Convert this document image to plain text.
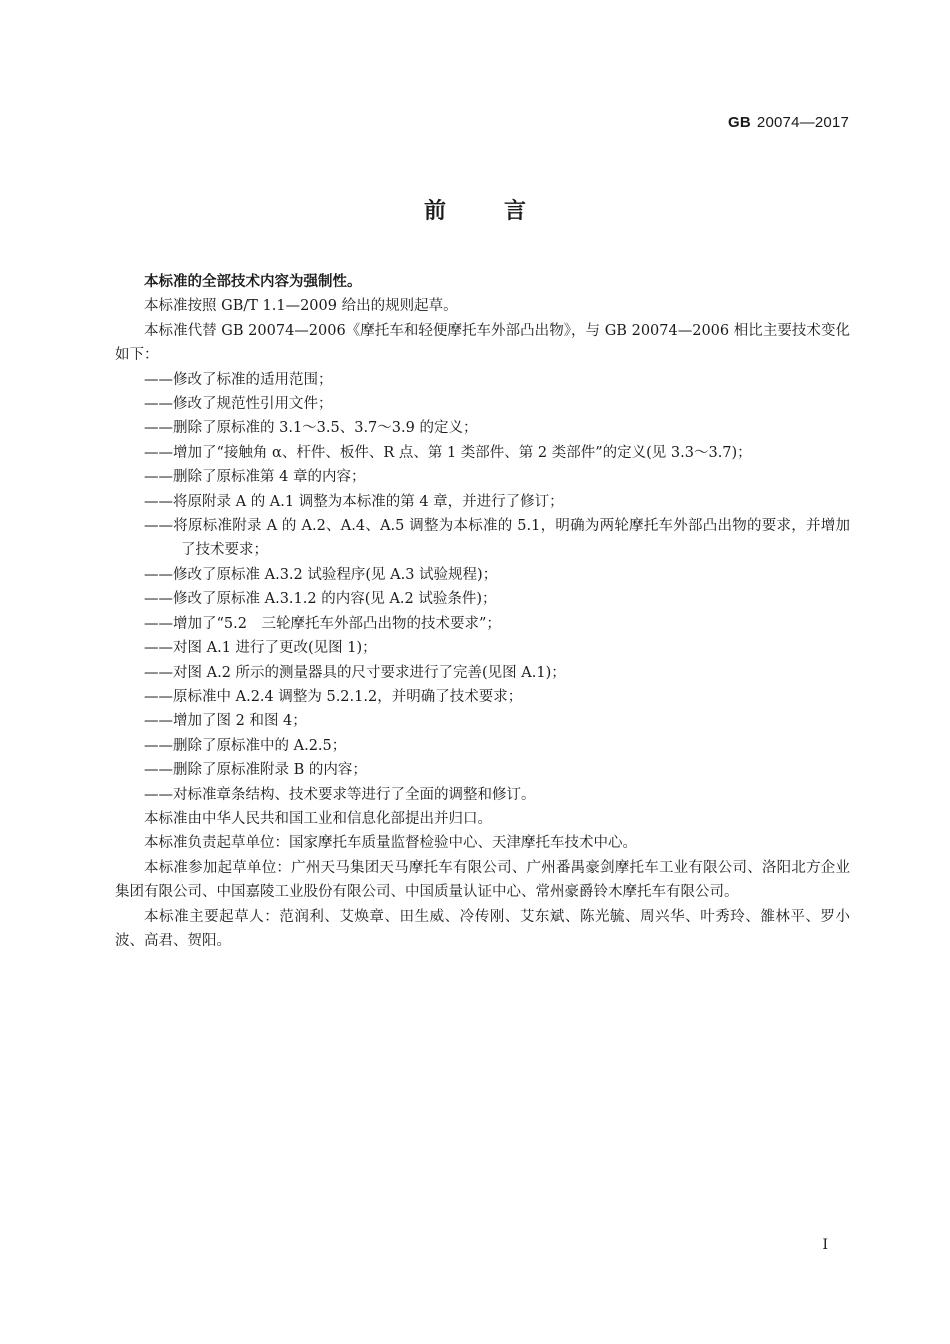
GB 20074—2017
前言

本标准的全部技术内容为强制性。

本标准按照 GB/T 1.1—2009 给出的规则起草。

本标准代替 GB 20074—2006《摩托车和轻便摩托车外部凸出物》，与 GB 20074—2006 相比主要技术变化如下：

——修改了标准的适用范围；

——修改了规范性引用文件；

——删除了原标准的 3.1～3.5、3.7～3.9 的定义；

——增加了“接触角 α、杆件、板件、R 点、第 1 类部件、第 2 类部件”的定义(见 3.3～3.7)；

——删除了原标准第 4 章的内容；

——将原附录 A 的 A.1 调整为本标准的第 4 章，并进行了修订；

——将原标准附录 A 的 A.2、A.4、A.5 调整为本标准的 5.1，明确为两轮摩托车外部凸出物的要求，并增加了技术要求；

——修改了原标准 A.3.2 试验程序(见 A.3 试验规程)；

——修改了原标准 A.3.1.2 的内容(见 A.2 试验条件)；

——增加了“5.2　三轮摩托车外部凸出物的技术要求”；

——对图 A.1 进行了更改(见图 1)；

——对图 A.2 所示的测量器具的尺寸要求进行了完善(见图 A.1)；

——原标准中 A.2.4 调整为 5.2.1.2，并明确了技术要求；

——增加了图 2 和图 4；

——删除了原标准中的 A.2.5；

——删除了原标准附录 B 的内容；

——对标准章条结构、技术要求等进行了全面的调整和修订。

本标准由中华人民共和国工业和信息化部提出并归口。

本标准负责起草单位：国家摩托车质量监督检验中心、天津摩托车技术中心。

本标准参加起草单位：广州天马集团天马摩托车有限公司、广州番禺豪剑摩托车工业有限公司、洛阳北方企业集团有限公司、中国嘉陵工业股份有限公司、中国质量认证中心、常州豪爵铃木摩托车有限公司。

本标准主要起草人：范润利、艾焕章、田生威、冷传刚、艾东斌、陈光毓、周兴华、叶秀玲、雒林平、罗小波、高君、贺阳。

I
